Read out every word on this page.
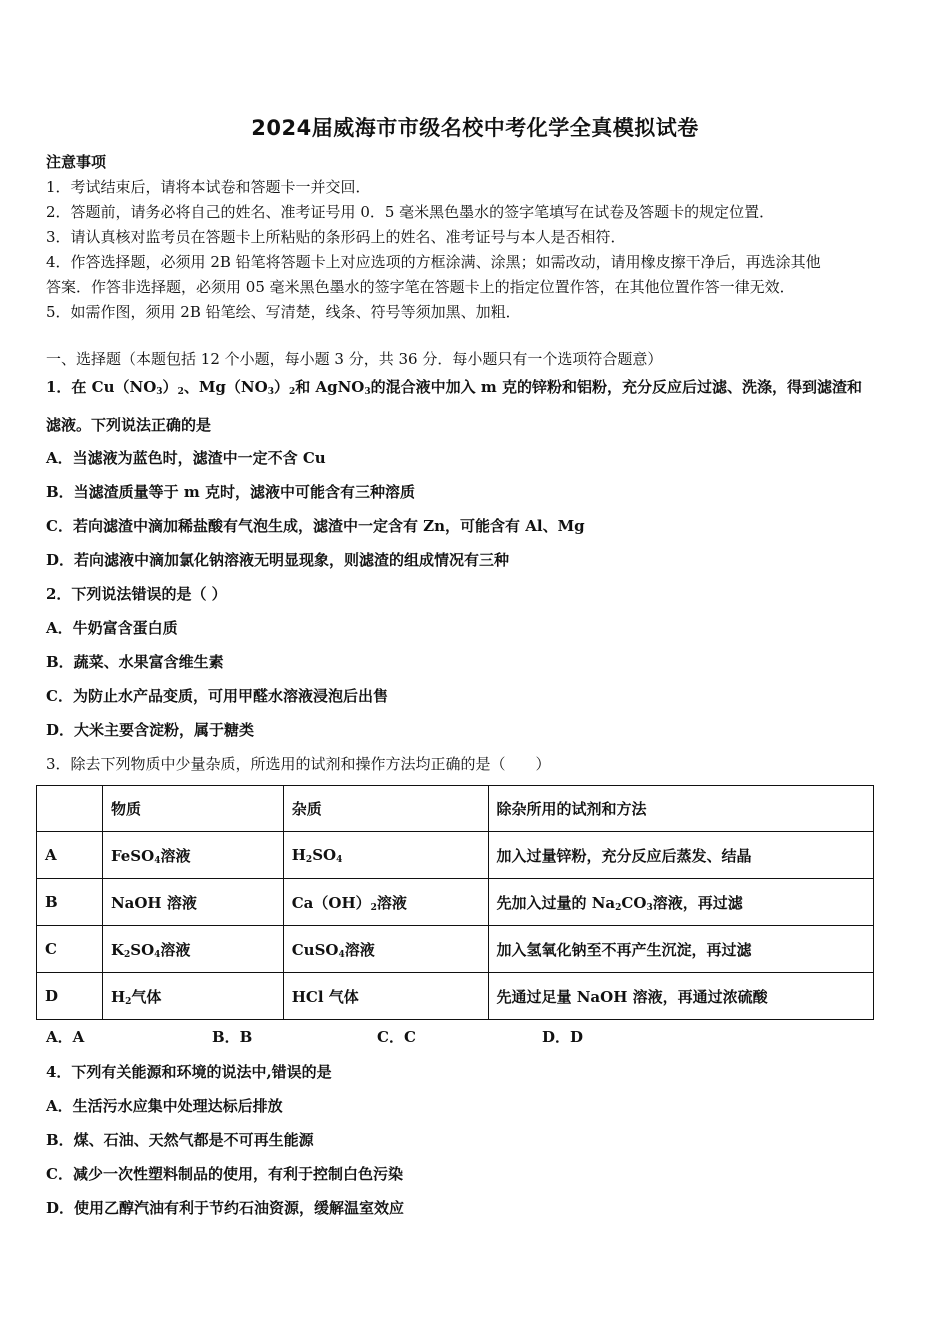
2024届威海市市级名校中考化学全真模拟试卷
注意事项
1．考试结束后，请将本试卷和答题卡一并交回．
2．答题前，请务必将自己的姓名、准考证号用 0．5 毫米黑色墨水的签字笔填写在试卷及答题卡的规定位置．
3．请认真核对监考员在答题卡上所粘贴的条形码上的姓名、准考证号与本人是否相符．
4．作答选择题，必须用 2B 铅笔将答题卡上对应选项的方框涂满、涂黑；如需改动，请用橡皮擦干净后，再选涂其他
答案．作答非选择题，必须用 05 毫米黑色墨水的签字笔在答题卡上的指定位置作答，在其他位置作答一律无效．
5．如需作图，须用 2B 铅笔绘、写清楚，线条、符号等须加黑、加粗．
一、选择题（本题包括 12 个小题，每小题 3 分，共 36 分．每小题只有一个选项符合题意）
1．在 $Cu(NO_3)_2$、$Mg(NO_3)_2$和 AgNO$_3$的混合液中加入 m 克的锌粉和铝粉，充分反应后过滤、洗涤，得到滤渣和
滤液。下列说法正确的是
A．当滤液为蓝色时，滤渣中一定不含 Cu
B．当滤渣质量等于 m 克时，滤液中可能含有三种溶质
C．若向滤渣中滴加稀盐酸有气泡生成，滤渣中一定含有 Zn，可能含有 Al、Mg
D．若向滤液中滴加氯化钠溶液无明显现象，则滤渣的组成情况有三种
2．下列说法错误的是（ ）
A．牛奶富含蛋白质
B．蔬菜、水果富含维生素
C．为防止水产品变质，可用甲醛水溶液浸泡后出售
D．大米主要含淀粉，属于糖类
3．除去下列物质中少量杂质，所选用的试剂和操作方法均正确的是（　　）
	物质	杂质	除杂所用的试剂和方法
A	FeSO$_4$溶液	$H_2SO_4$	加入过量锌粉，充分反应后蒸发、结晶
B	NaOH 溶液	$Ca(OH)_2$溶液	先加入过量的 $Na_2CO_3$溶液，再过滤
C	$K_2SO_4$溶液	CuSO$_4$溶液	加入氢氧化钠至不再产生沉淀，再过滤
D	$H_2$气体	HCl 气体	先通过足量 NaOH 溶液，再通过浓硫酸
A．A	B．B	C．C	D．D
4．下列有关能源和环境的说法中,错误的是
A．生活污水应集中处理达标后排放
B．煤、石油、天然气都是不可再生能源
C．减少一次性塑料制品的使用，有利于控制白色污染
D．使用乙醇汽油有利于节约石油资源，缓解温室效应
